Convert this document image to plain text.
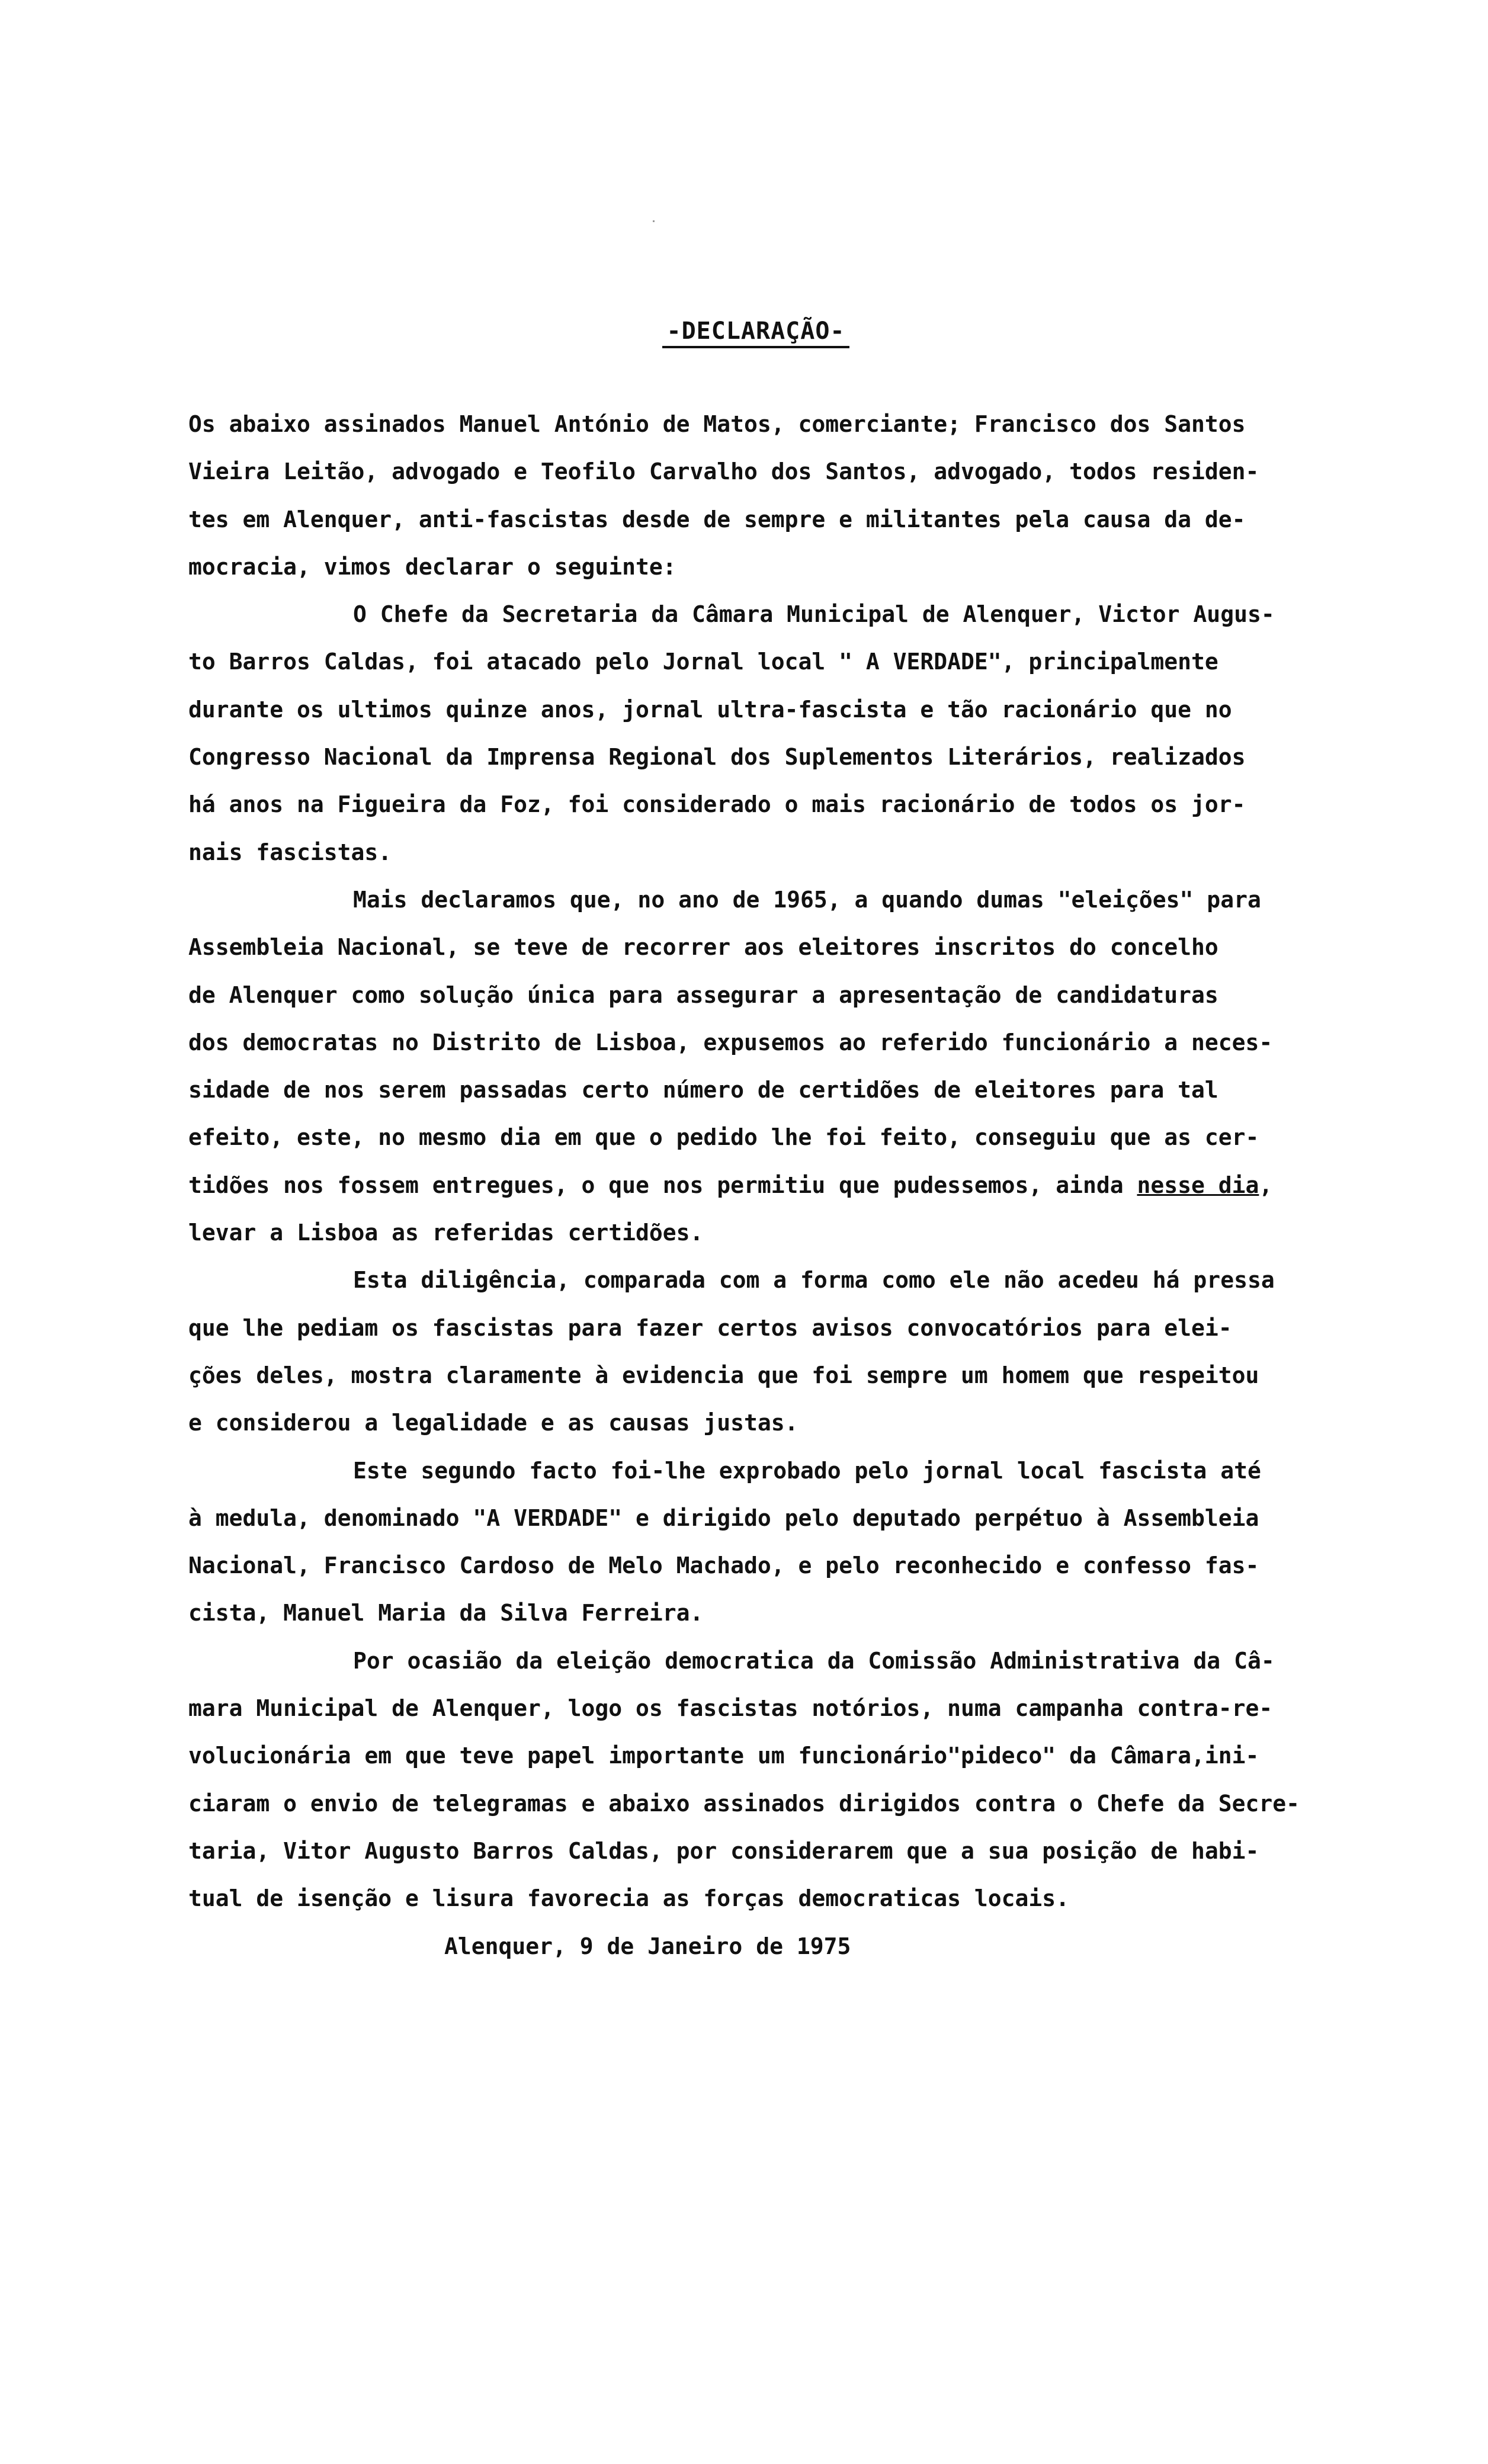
-DECLARAÇÃO-
Os abaixo assinados Manuel António de Matos, comerciante; Francisco dos Santos
Vieira Leitão, advogado e Teofilo Carvalho dos Santos, advogado, todos residen-
tes em Alenquer, anti-fascistas desde de sempre e militantes pela causa da de-
mocracia, vimos declarar o seguinte:
O Chefe da Secretaria da Câmara Municipal de Alenquer, Victor Augus-
to Barros Caldas, foi atacado pelo Jornal local " A VERDADE", principalmente
durante os ultimos quinze anos, jornal ultra-fascista e tão racionário que no
Congresso Nacional da Imprensa Regional dos Suplementos Literários, realizados
há anos na Figueira da Foz, foi considerado o mais racionário de todos os jor-
nais fascistas.
Mais declaramos que, no ano de 1965, a quando dumas "eleições" para
Assembleia Nacional, se teve de recorrer aos eleitores inscritos do concelho
de Alenquer como solução única para assegurar a apresentação de candidaturas
dos democratas no Distrito de Lisboa, expusemos ao referido funcionário a neces-
sidade de nos serem passadas certo número de certidões de eleitores para tal
efeito, este, no mesmo dia em que o pedido lhe foi feito, conseguiu que as cer-
tidões nos fossem entregues, o que nos permitiu que pudessemos, ainda nesse dia,
levar a Lisboa as referidas certidões.
Esta diligência, comparada com a forma como ele não acedeu há pressa
que lhe pediam os fascistas para fazer certos avisos convocatórios para elei-
ções deles, mostra claramente à evidencia que foi sempre um homem que respeitou
e considerou a legalidade e as causas justas.
Este segundo facto foi-lhe exprobado pelo jornal local fascista até
à medula, denominado "A VERDADE" e dirigido pelo deputado perpétuo à Assembleia
Nacional, Francisco Cardoso de Melo Machado, e pelo reconhecido e confesso fas-
cista, Manuel Maria da Silva Ferreira.
Por ocasião da eleição democratica da Comissão Administrativa da Câ-
mara Municipal de Alenquer, logo os fascistas notórios, numa campanha contra-re-
volucionária em que teve papel importante um funcionário"pideco" da Câmara,ini-
ciaram o envio de telegramas e abaixo assinados dirigidos contra o Chefe da Secre-
taria, Vitor Augusto Barros Caldas, por considerarem que a sua posição de habi-
tual de isenção e lisura favorecia as forças democraticas locais.
Alenquer, 9 de Janeiro de 1975
